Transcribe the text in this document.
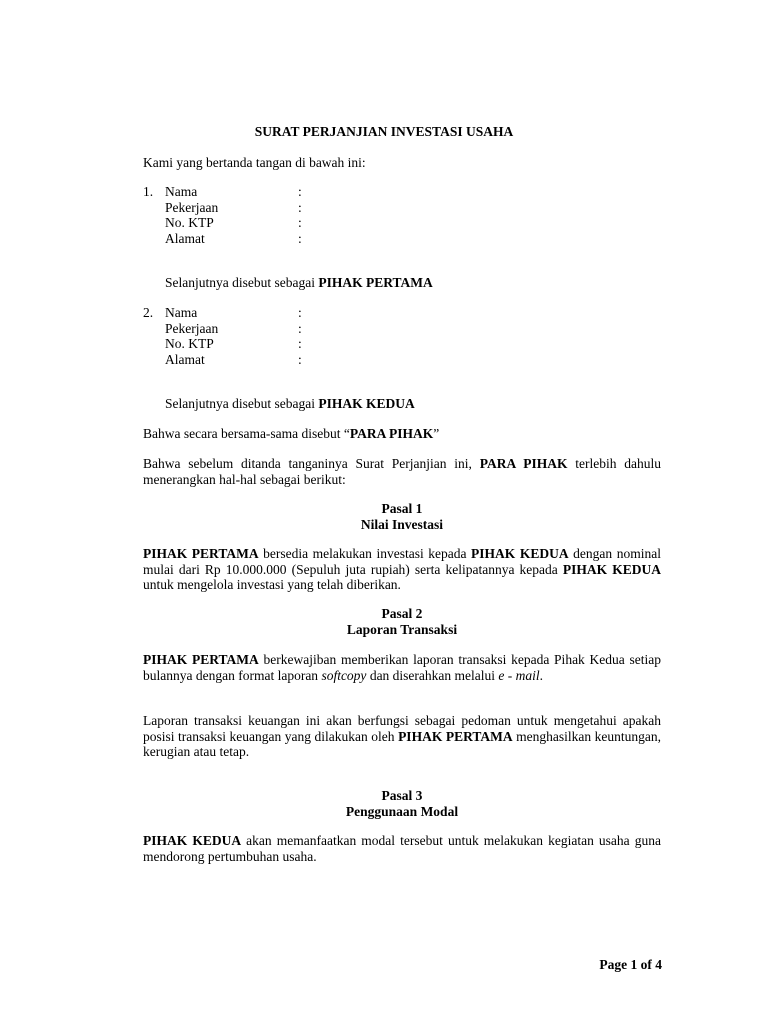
SURAT PERJANJIAN INVESTASI USAHA
Kami yang bertanda tangan di bawah ini:
1. Nama	:
Pekerjaan	:
No. KTP	:
Alamat	:
Selanjutnya disebut sebagai PIHAK PERTAMA
2. Nama	:
Pekerjaan	:
No. KTP	:
Alamat	:
Selanjutnya disebut sebagai PIHAK KEDUA
Bahwa secara bersama-sama disebut “PARA PIHAK”
Bahwa sebelum ditanda tanganinya Surat Perjanjian ini, PARA PIHAK terlebih dahulu menerangkan hal-hal sebagai berikut:
Pasal 1
Nilai Investasi
PIHAK PERTAMA bersedia melakukan investasi kepada PIHAK KEDUA dengan nominal mulai dari Rp 10.000.000 (Sepuluh juta rupiah) serta kelipatannya kepada PIHAK KEDUA untuk mengelola investasi yang telah diberikan.
Pasal 2
Laporan Transaksi
PIHAK PERTAMA berkewajiban memberikan laporan transaksi kepada Pihak Kedua setiap bulannya dengan format laporan softcopy dan diserahkan melalui e - mail.
Laporan transaksi keuangan ini akan berfungsi sebagai pedoman untuk mengetahui apakah posisi transaksi keuangan yang dilakukan oleh PIHAK PERTAMA menghasilkan keuntungan, kerugian atau tetap.
Pasal 3
Penggunaan Modal
PIHAK KEDUA akan memanfaatkan modal tersebut untuk melakukan kegiatan usaha guna mendorong pertumbuhan usaha.
Page 1 of 4
